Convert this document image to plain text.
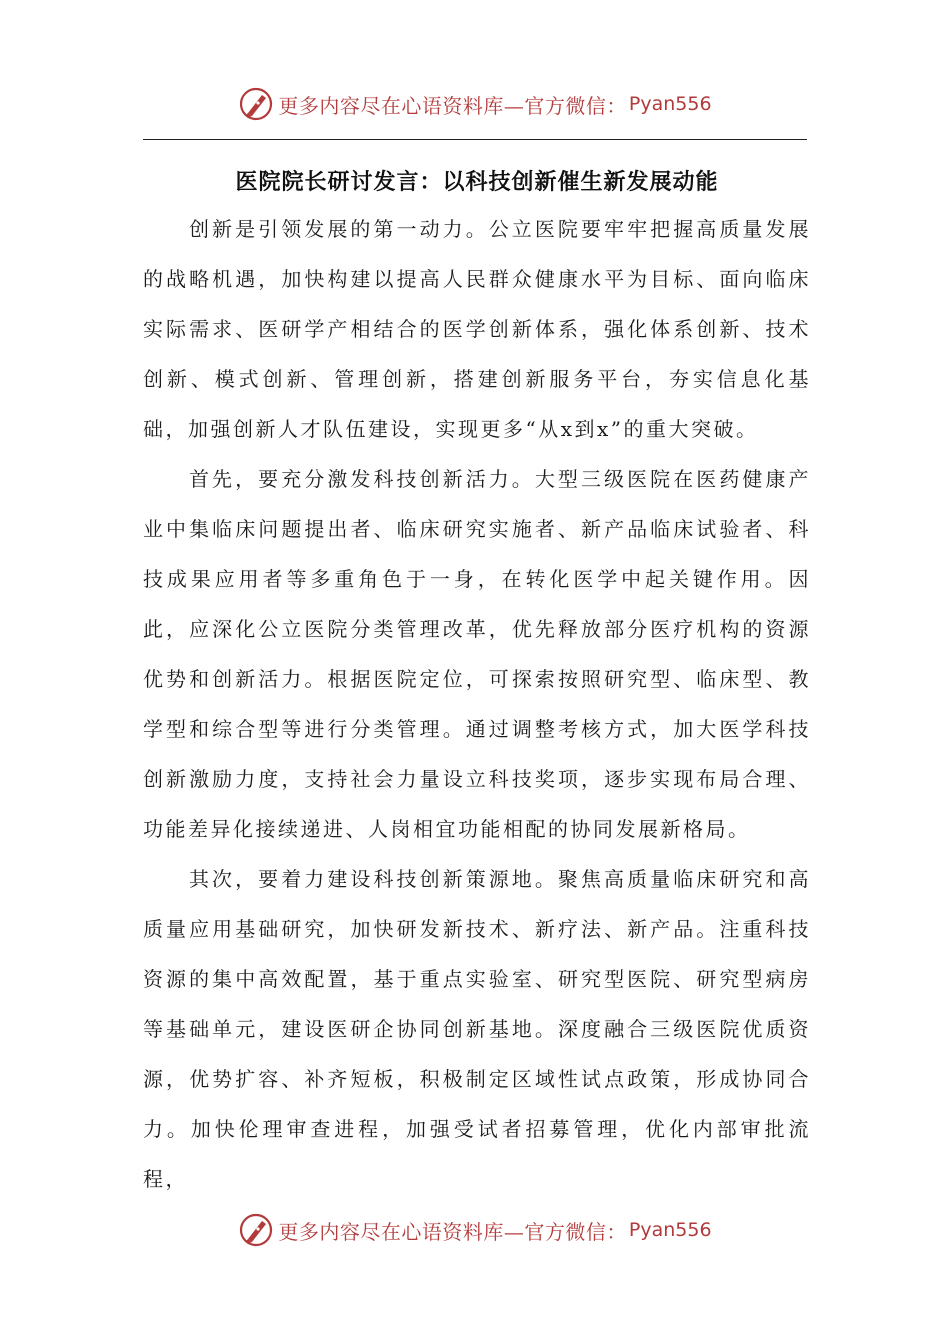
更多内容尽在心语资料库—官方微信： Pyan556
医院院长研讨发言：以科技创新催生新发展动能

创新是引领发展的第一动力。公立医院要牢牢把握高质量发展的战略机遇，加快构建以提高人民群众健康水平为目标、面向临床实际需求、医研学产相结合的医学创新体系，强化体系创新、技术创新、模式创新、管理创新，搭建创新服务平台，夯实信息化基础，加强创新人才队伍建设，实现更多“从x到x”的重大突破。

首先，要充分激发科技创新活力。大型三级医院在医药健康产业中集临床问题提出者、临床研究实施者、新产品临床试验者、科技成果应用者等多重角色于一身，在转化医学中起关键作用。因此，应深化公立医院分类管理改革，优先释放部分医疗机构的资源优势和创新活力。根据医院定位，可探索按照研究型、临床型、教学型和综合型等进行分类管理。通过调整考核方式，加大医学科技创新激励力度，支持社会力量设立科技奖项，逐步实现布局合理、功能差异化接续递进、人岗相宜功能相配的协同发展新格局。

其次，要着力建设科技创新策源地。聚焦高质量临床研究和高质量应用基础研究，加快研发新技术、新疗法、新产品。注重科技资源的集中高效配置，基于重点实验室、研究型医院、研究型病房等基础单元，建设医研企协同创新基地。深度融合三级医院优质资源，优势扩容、补齐短板，积极制定区域性试点政策，形成协同合力。加快伦理审查进程，加强受试者招募管理，优化内部审批流程，

更多内容尽在心语资料库—官方微信： Pyan556
